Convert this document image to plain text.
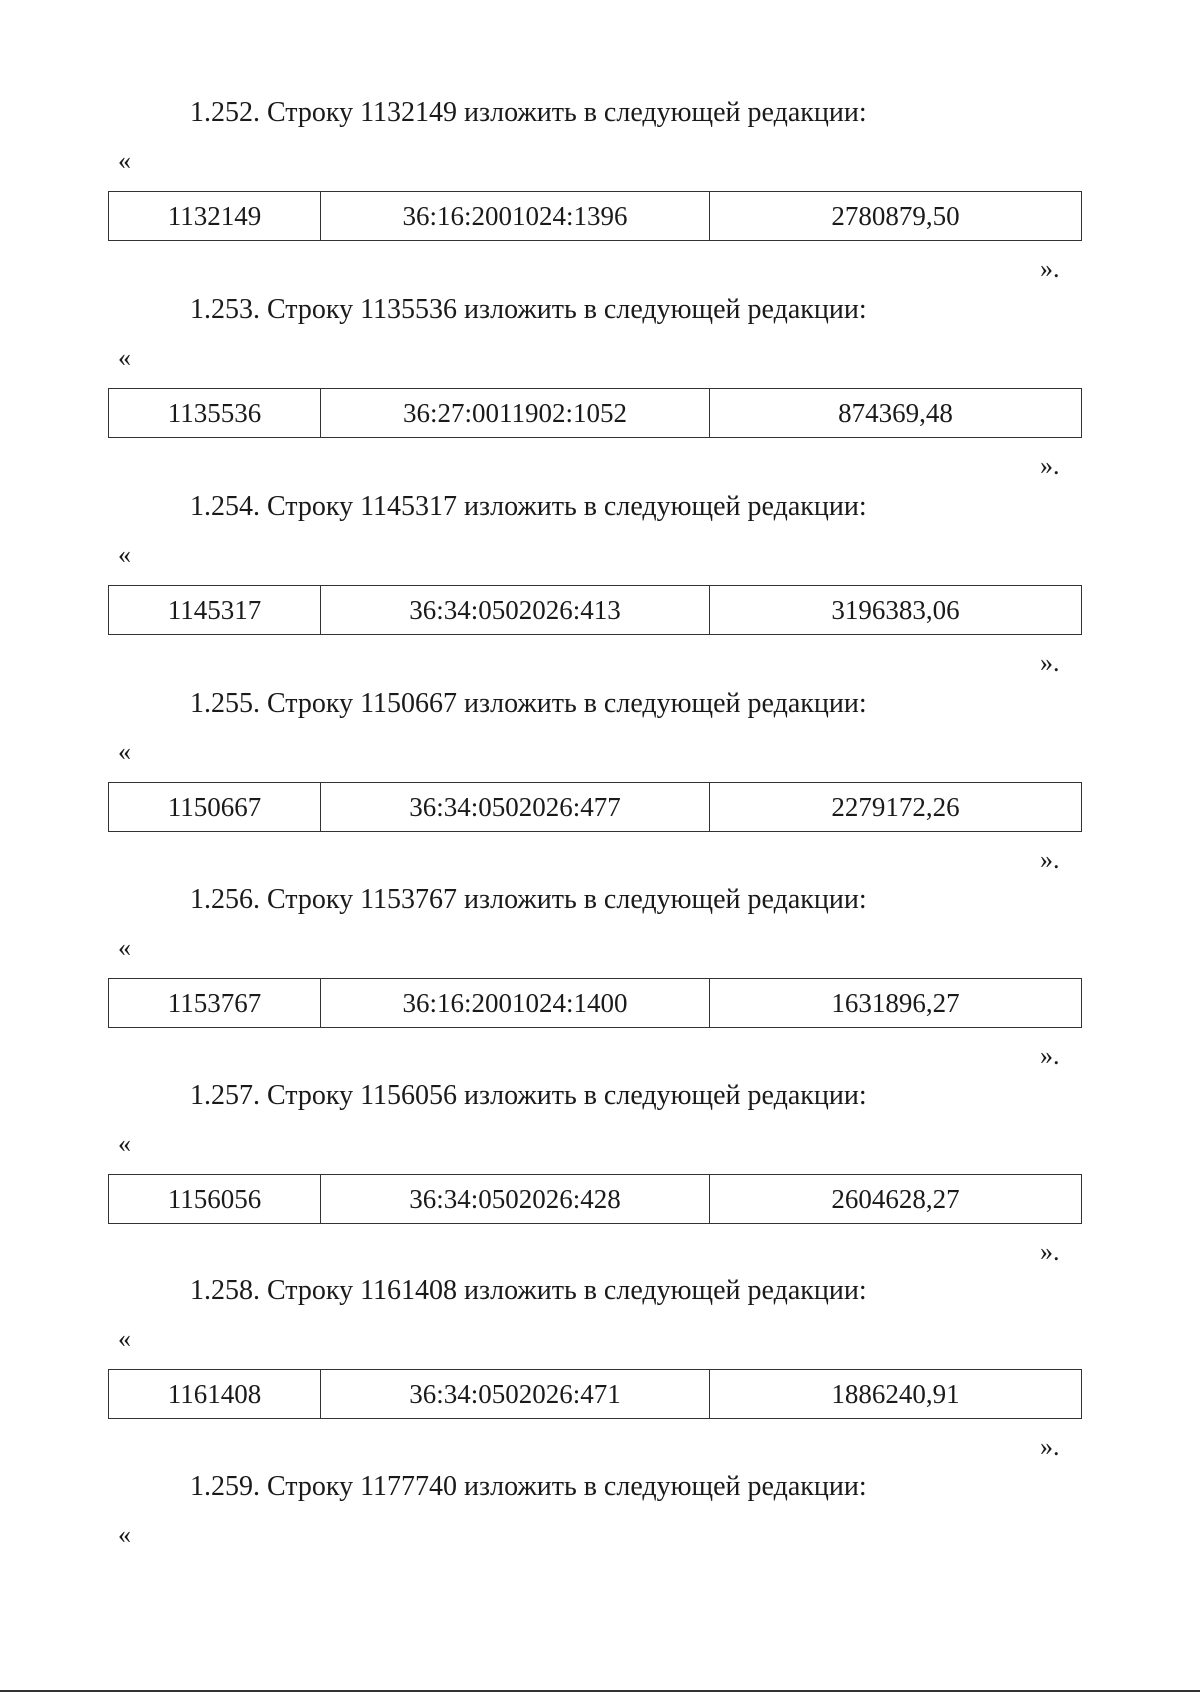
1.252. Строку 1132149 изложить в следующей редакции:
«
1132149	36:16:2001024:1396	2780879,50
».
1.253. Строку 1135536 изложить в следующей редакции:
«
1135536	36:27:0011902:1052	874369,48
».
1.254. Строку 1145317 изложить в следующей редакции:
«
1145317	36:34:0502026:413	3196383,06
».
1.255. Строку 1150667 изложить в следующей редакции:
«
1150667	36:34:0502026:477	2279172,26
».
1.256. Строку 1153767 изложить в следующей редакции:
«
1153767	36:16:2001024:1400	1631896,27
».
1.257. Строку 1156056 изложить в следующей редакции:
«
1156056	36:34:0502026:428	2604628,27
».
1.258. Строку 1161408 изложить в следующей редакции:
«
1161408	36:34:0502026:471	1886240,91
».
1.259. Строку 1177740 изложить в следующей редакции:
«
